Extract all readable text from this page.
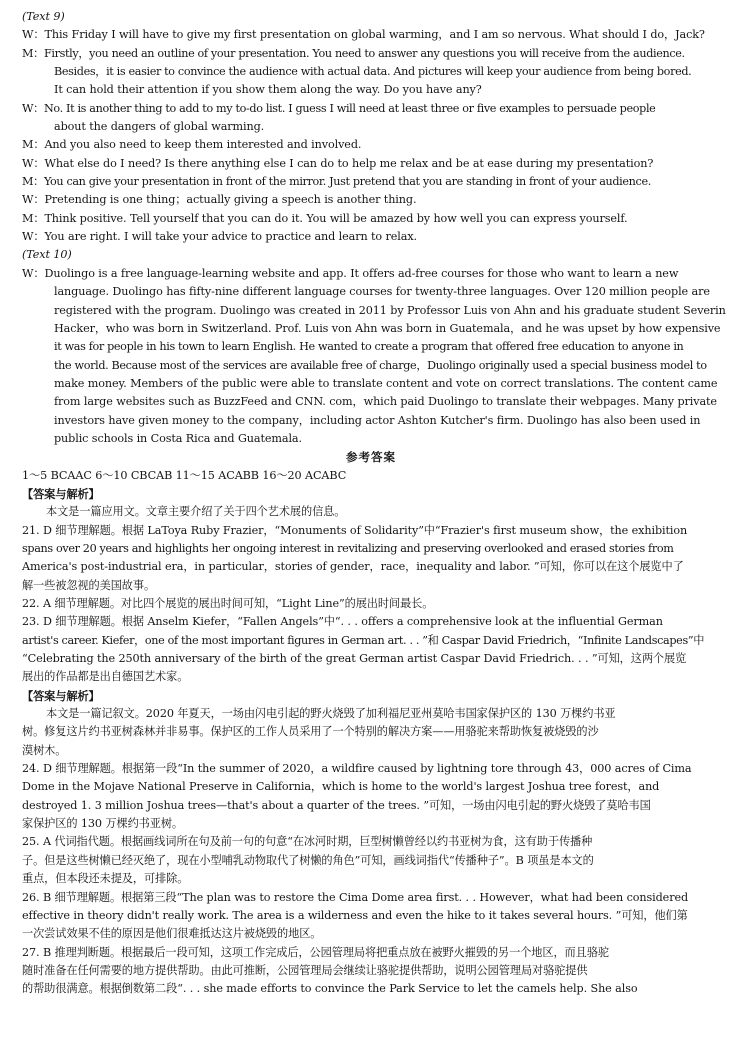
(Text 9)
W：This Friday I will have to give my first presentation on global warming，and I am so nervous. What should I do，Jack?
M：Firstly，you need an outline of your presentation. You need to answer any questions you will receive from the audience.
Besides，it is easier to convince the audience with actual data. And pictures will keep your audience from being bored.
It can hold their attention if you show them along the way. Do you have any?
W：No. It is another thing to add to my to-do list. I guess I will need at least three or five examples to persuade people
about the dangers of global warming.
M：And you also need to keep them interested and involved.
W：What else do I need? Is there anything else I can do to help me relax and be at ease during my presentation?
M：You can give your presentation in front of the mirror. Just pretend that you are standing in front of your audience.
W：Pretending is one thing；actually giving a speech is another thing.
M：Think positive. Tell yourself that you can do it. You will be amazed by how well you can express yourself.
W：You are right. I will take your advice to practice and learn to relax.
(Text 10)
W：Duolingo is a free language-learning website and app. It offers ad-free courses for those who want to learn a new
language. Duolingo has fifty-nine different language courses for twenty-three languages. Over 120 million people are
registered with the program. Duolingo was created in 2011 by Professor Luis von Ahn and his graduate student Severin
Hacker，who was born in Switzerland. Prof. Luis von Ahn was born in Guatemala，and he was upset by how expensive
it was for people in his town to learn English. He wanted to create a program that offered free education to anyone in
the world. Because most of the services are available free of charge，Duolingo originally used a special business model to
make money. Members of the public were able to translate content and vote on correct translations. The content came
from large websites such as BuzzFeed and CNN. com，which paid Duolingo to translate their webpages. Many private
investors have given money to the company，including actor Ashton Kutcher's firm. Duolingo has also been used in
public schools in Costa Rica and Guatemala.
参考答案
1～5 BCAAC 6～10 CBCAB 11～15 ACABB 16～20 ACABC
【答案与解析】
本文是一篇应用文。文章主要介绍了关于四个艺术展的信息。
21. D 细节理解题。根据 LaToya Ruby Frazier，“Monuments of Solidarity”中“Frazier's first museum show，the exhibition
spans over 20 years and highlights her ongoing interest in revitalizing and preserving overlooked and erased stories from
America's post-industrial era，in particular，stories of gender，race，inequality and labor. ”可知，你可以在这个展览中了
解一些被忽视的美国故事。
22. A 细节理解题。对比四个展览的展出时间可知，“Light Line”的展出时间最长。
23. D 细节理解题。根据 Anselm Kiefer，“Fallen Angels”中“. . . offers a comprehensive look at the influential German
artist's career. Kiefer，one of the most important figures in German art. . . ”和 Caspar David Friedrich，“Infinite Landscapes”中
“Celebrating the 250th anniversary of the birth of the great German artist Caspar David Friedrich. . . ”可知，这两个展览
展出的作品都是出自德国艺术家。
【答案与解析】
本文是一篇记叙文。2020 年夏天，一场由闪电引起的野火烧毁了加利福尼亚州莫哈韦国家保护区的 130 万棵约书亚
树。修复这片约书亚树森林并非易事。保护区的工作人员采用了一个特别的解决方案——用骆驼来帮助恢复被烧毁的沙
漠树木。
24. D 细节理解题。根据第一段“In the summer of 2020，a wildfire caused by lightning tore through 43，000 acres of Cima
Dome in the Mojave National Preserve in California，which is home to the world's largest Joshua tree forest，and
destroyed 1. 3 million Joshua trees—that's about a quarter of the trees. ”可知，一场由闪电引起的野火烧毁了莫哈韦国
家保护区的 130 万棵约书亚树。
25. A 代词指代题。根据画线词所在句及前一句的句意“在冰河时期，巨型树懒曾经以约书亚树为食，这有助于传播种
子。但是这些树懒已经灭绝了，现在小型哺乳动物取代了树懒的角色”可知，画线词指代“传播种子”。B 项虽是本文的
重点，但本段还未提及，可排除。
26. B 细节理解题。根据第三段“The plan was to restore the Cima Dome area first. . . However，what had been considered
effective in theory didn't really work. The area is a wilderness and even the hike to it takes several hours. ”可知，他们第
一次尝试效果不佳的原因是他们很难抵达这片被烧毁的地区。
27. B 推理判断题。根据最后一段可知，这项工作完成后，公园管理局将把重点放在被野火摧毁的另一个地区，而且骆驼
随时准备在任何需要的地方提供帮助。由此可推断，公园管理局会继续让骆驼提供帮助，说明公园管理局对骆驼提供
的帮助很满意。根据倒数第二段“. . . she made efforts to convince the Park Service to let the camels help. She also
